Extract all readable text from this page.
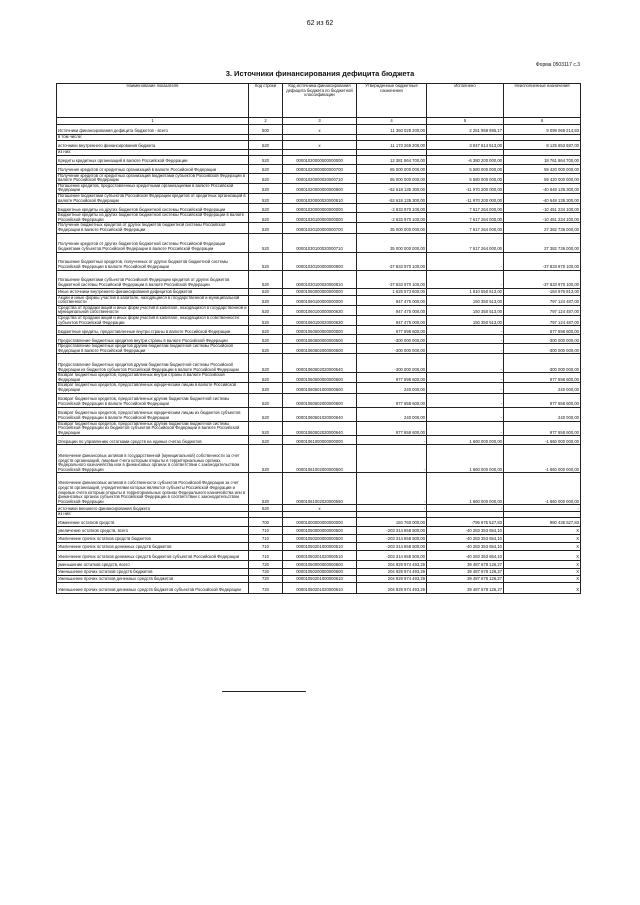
62 из 62
Форма 0503117 с.3
3. Источники финансирования дефицита бюджета
Наименование показателя	Код строки	Код источника финансирования дефицита бюджета по бюджетной классификации	Утвержденные бюджетные назначения	Исполнено	Неисполненные назначения
1	2	3	4	5	6
Источники финансирования дефицита бюджетов - всего	500	x	11 350 028 200,00	2 251 958 985,17	9 098 069 214,83
в том числе:					
источники внутреннего финансирования бюджета	520	x	11 173 269 200,00	3 047 614 513,00	8 125 653 687,00
из них:					
Кредиты кредитных организаций в валюте Российской Федерации	520	00001020000000000000	12 381 664 700,00	-6 380 200 000,00	18 761 864 700,00
Получение кредитов от кредитных организаций в валюте Российской Федерации	520	00001020000000000700	65 000 000 000,00	5 580 000 000,00	59 420 000 000,00
Получение кредитов от кредитных организаций бюджетами субъектов Российской Федерации в валюте Российской Федерации	520	00001020000020000710	65 000 000 000,00	5 580 000 000,00	59 420 000 000,00
Погашение кредитов, предоставленных кредитными организациями в валюте Российской Федерации	520	00001020000000000800	-52 618 135 300,00	-11 970 200 000,00	-40 648 135 300,00
Погашение бюджетами субъектов Российской Федерации кредитов от кредитных организаций в валюте Российской Федерации	520	00001020000020000810	-52 618 135 300,00	-11 970 200 000,00	-40 648 135 300,00
Бюджетные кредиты из других бюджетов бюджетной системы Российской Федерации	520	00001030000000000000	-2 833 970 100,00	7 617 264 000,00	-10 451 234 100,00
Бюджетные кредиты из других бюджетов бюджетной системы Российской Федерации в валюте Российской Федерации	520	00001030100000000000	-2 833 970 100,00	7 617 264 000,00	-10 451 234 100,00
Получение бюджетных кредитов от других бюджетов бюджетной системы Российской Федерации в валюте Российской Федерации	520	00001030100000000700	35 000 000 000,00	7 617 264 000,00	27 382 736 000,00
Получение кредитов от других бюджетов бюджетной системы Российской Федерации бюджетами субъектов Российской Федерации в валюте Российской Федерации	520	00001030100020000710	35 000 000 000,00	7 617 264 000,00	27 382 736 000,00
Погашение бюджетных кредитов, полученных от других бюджетов бюджетной системы Российской Федерации в валюте Российской Федерации	520	00001030100000000800	-37 833 970 100,00	-	-37 833 970 100,00
Погашение бюджетами субъектов Российской Федерации кредитов от других бюджетов бюджетной системы Российской Федерации в валюте Российской Федерации	520	00001030100020000810	-37 833 970 100,00	-	-37 833 970 100,00
Иные источники внутреннего финансирования дефицитов бюджетов	520	00001060000000000000	1 625 573 600,00	1 810 550 513,00	-184 976 913,00
Акции и иные формы участия в капитале, находящиеся в государственной и муниципальной собственности	520	00001060100000000000	947 475 000,00	150 350 513,00	797 124 487,00
Средства от продажи акций и иных форм участия в капитале, находящихся в государственной и муниципальной собственности	520	00001060100000000630	947 475 000,00	150 350 513,00	797 124 487,00
Средства от продажи акций и иных форм участия в капитале, находящихся в собственности субъектов Российской Федерации	520	00001060100020000630	947 475 000,00	150 350 513,00	797 124 487,00
Бюджетные кредиты, предоставленные внутри страны в валюте Российской Федерации	520	00001060500000000000	677 898 600,00	-	677 898 600,00
Предоставление бюджетных кредитов внутри страны в валюте Российской Федерации	520	00001060500000000500	-300 000 000,00	-	-300 000 000,00
Предоставление бюджетных кредитов другим бюджетам бюджетной системы Российской Федерации в валюте Российской Федерации	520	00001060502000000500	-300 000 000,00	-	-300 000 000,00
Предоставление бюджетных кредитов другим бюджетам бюджетной системы Российской Федерации из бюджетов субъектов Российской Федерации в валюте Российской Федерации	520	00001060502020000540	-300 000 000,00	-	-300 000 000,00
Возврат бюджетных кредитов, предоставленных внутри страны в валюте Российской Федерации	520	00001060500000000600	977 898 600,00	-	977 898 600,00
Возврат бюджетных кредитов, предоставленных юридическим лицам в валюте Российской Федерации	520	00001060501000000600	240 000,00	-	240 000,00
Возврат бюджетных кредитов, предоставленных другим бюджетам бюджетной системы Российской Федерации в валюте Российской Федерации	520	00001060502000000600	977 658 600,00	-	977 658 600,00
Возврат бюджетных кредитов, предоставленных юридическим лицам из бюджетов субъектов Российской Федерации в валюте Российской Федерации	520	00001060501020000640	240 000,00	-	240 000,00
Возврат бюджетных кредитов, предоставленных другим бюджетам бюджетной системы Российской Федерации из бюджетов субъектов Российской Федерации в валюте Российской Федерации	520	00001060502020000640	977 658 600,00	-	977 658 600,00
Операции по управлению остатками средств на единых счетах бюджетов	520	00001061000000000000	-	1 660 000 000,00	-1 660 000 000,00
Увеличение финансовых активов в государственной (муниципальной) собственности за счет средств организаций, лицевые счета которым открыты в территориальных органах Федерального казначейства или в финансовых органах в соответствии с законодательством Российской Федерации	520	00001061002000000500	-	1 660 000 000,00	-1 660 000 000,00
Увеличение финансовых активов в собственности субъектов Российской Федерации за счет средств организаций, учредителями которых являются субъекты Российской Федерации и лицевые счета которым открыты в территориальных органах Федерального казначейства или в финансовых органах субъектов Российской Федерации в соответствии с законодательством Российской Федерации	520	00001061002020000550	-	1 660 000 000,00	-1 660 000 000,00
источники внешнего финансирования бюджета	620	x	-	-	-
из них:					
Изменение остатков средств	700	00001000000000000000	184 760 000,00	-795 675 527,83	980 435 527,83
увеличение остатков средств, всего	710	00001050000000000500	-203 314 658 500,00	-40 283 353 654,10	X
Увеличение прочих остатков средств бюджетов	710	00001050200000000500	-203 314 658 500,00	-40 283 353 654,10	X
Увеличение прочих остатков денежных средств бюджетов	710	00001050201000000510	-203 314 658 500,00	-40 283 353 654,10	X
Увеличение прочих остатков денежных средств бюджетов субъектов Российской Федерации	710	00001050201020000510	-203 314 658 500,00	-40 283 353 654,10	X
уменьшение остатков средств, всего	720	00001050000000000600	204 929 974 493,29	39 487 678 126,27	X
Уменьшение прочих остатков средств бюджетов	720	00001050200000000600	204 929 974 493,29	39 487 678 126,27	X
Уменьшение прочих остатков денежных средств бюджетов	720	00001050201000000610	204 929 974 493,29	39 487 678 126,27	X
Уменьшение прочих остатков денежных средств бюджетов субъектов Российской Федерации	720	00001050201020000610	204 929 974 493,29	39 487 678 126,27	X
